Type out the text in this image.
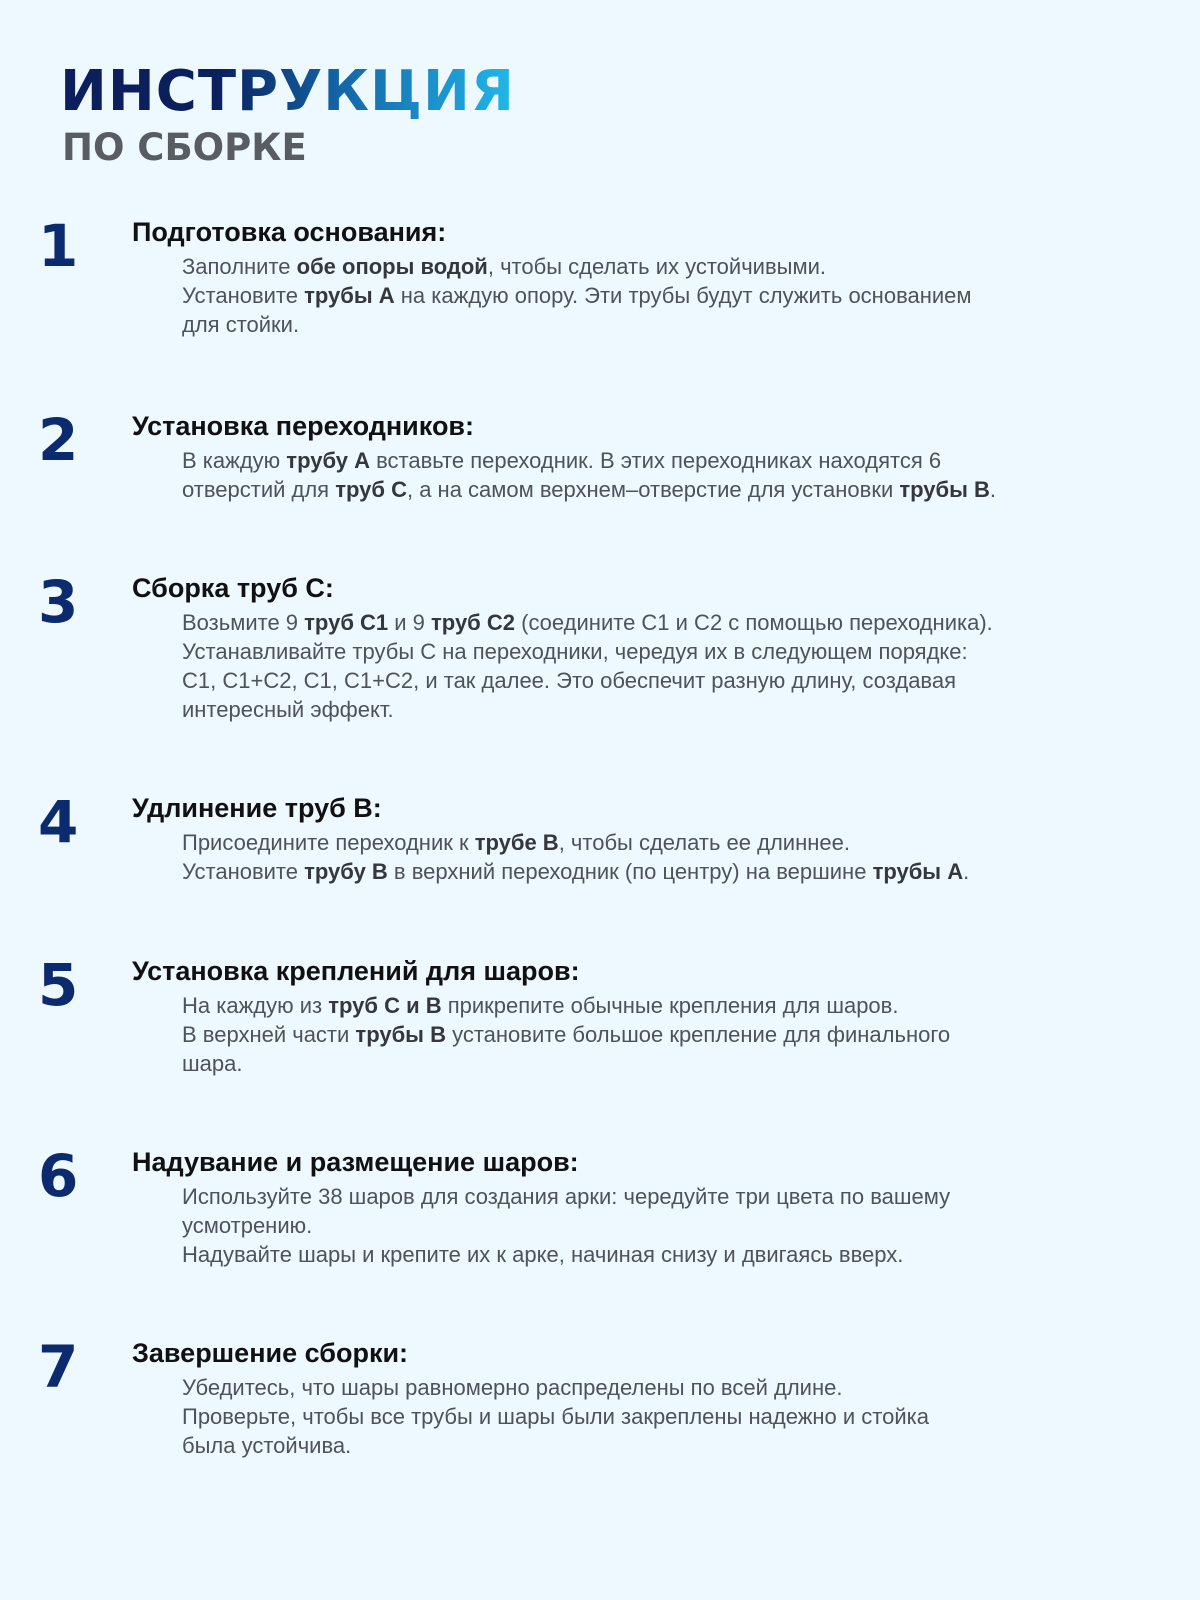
ИНСТРУКЦИЯ
ПО СБОРКЕ
1 Подготовка основания:

Заполните обе опоры водой, чтобы сделать их устойчивыми.

Установите трубы А на каждую опору. Эти трубы будут служить основанием

для стойки.

2 Установка переходников:

В каждую трубу А вставьте переходник. В этих переходниках находятся 6

отверстий для труб С, а на самом верхнем–отверстие для установки трубы В.

3 Сборка труб С:

Возьмите 9 труб С1 и 9 труб С2 (соедините С1 и С2 с помощью переходника).

Устанавливайте трубы С на переходники, чередуя их в следующем порядке:

С1, С1+С2, С1, С1+С2, и так далее. Это обеспечит разную длину, создавая

интересный эффект.

4 Удлинение труб В:

Присоедините переходник к трубе В, чтобы сделать ее длиннее.

Установите трубу В в верхний переходник (по центру) на вершине трубы А.

5 Установка креплений для шаров:

На каждую из труб С и В прикрепите обычные крепления для шаров.

В верхней части трубы В установите большое крепление для финального

шара.

6 Надувание и размещение шаров:

Используйте 38 шаров для создания арки: чередуйте три цвета по вашему

усмотрению.

Надувайте шары и крепите их к арке, начиная снизу и двигаясь вверх.

7 Завершение сборки:

Убедитесь, что шары равномерно распределены по всей длине.

Проверьте, чтобы все трубы и шары были закреплены надежно и стойка

была устойчива.
